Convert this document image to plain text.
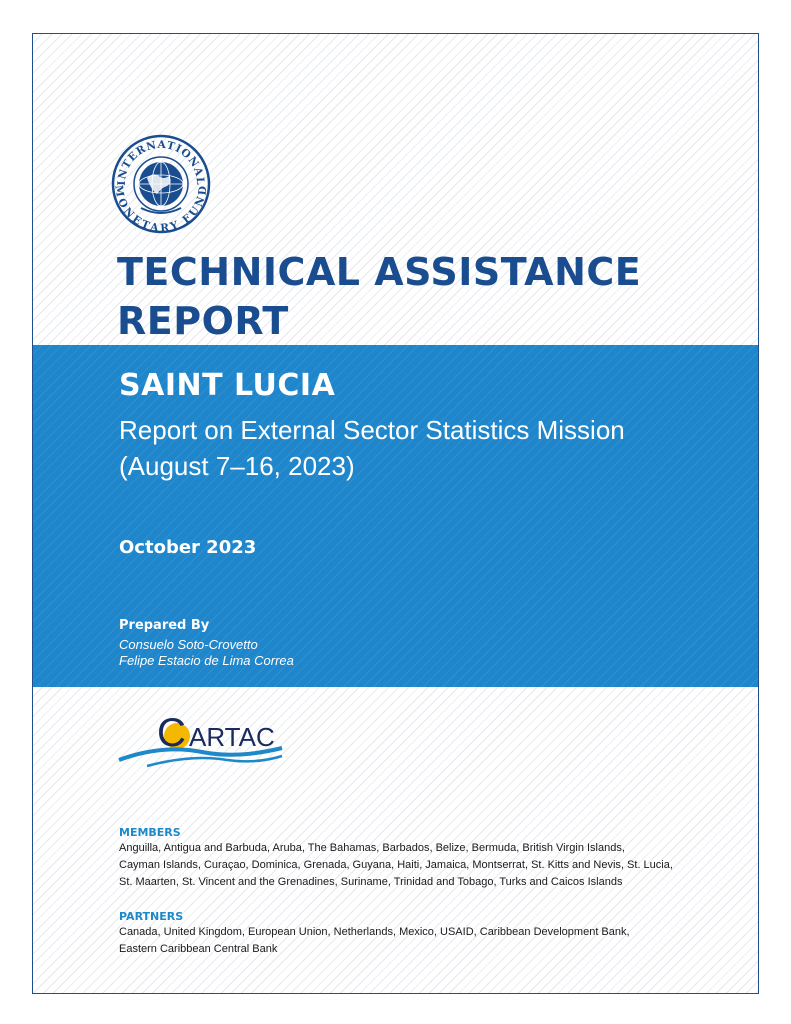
INTERNATIONAL
MONETARY FUND
TECHNICAL ASSISTANCE
REPORT
SAINT LUCIA
Report on External Sector Statistics Mission
(August 7–16, 2023)
October 2023
Prepared By
Consuelo Soto-Crovetto
Felipe Estacio de Lima Correa
C ARTAC
MEMBERS
Anguilla, Antigua and Barbuda, Aruba, The Bahamas, Barbados, Belize, Bermuda, British Virgin Islands,
Cayman Islands, Curaçao, Dominica, Grenada, Guyana, Haiti, Jamaica, Montserrat, St. Kitts and Nevis, St. Lucia,
St. Maarten, St. Vincent and the Grenadines, Suriname, Trinidad and Tobago, Turks and Caicos Islands
PARTNERS
Canada, United Kingdom, European Union, Netherlands, Mexico, USAID, Caribbean Development Bank,
Eastern Caribbean Central Bank
